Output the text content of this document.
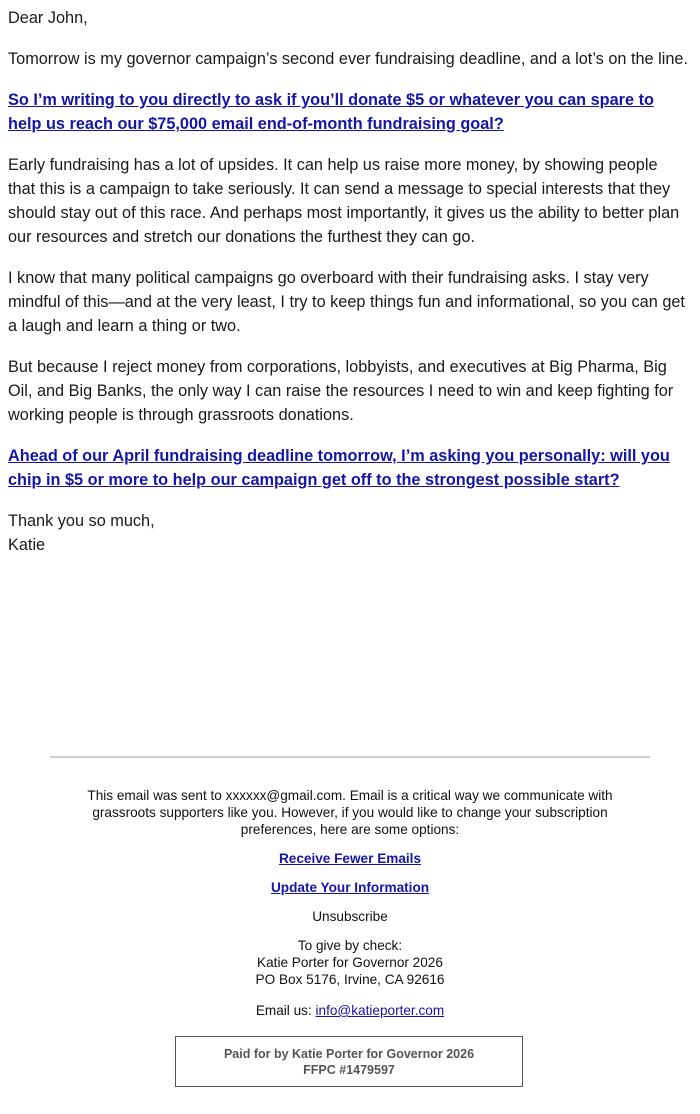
Dear John,

Tomorrow is my governor campaign’s second ever fundraising deadline, and a lot’s on the line.

So I’m writing to you directly to ask if you’ll donate $5 or whatever you can spare to help us reach our $75,000 email end-of-month fundraising goal?

Early fundraising has a lot of upsides. It can help us raise more money, by showing people that this is a campaign to take seriously. It can send a message to special interests that they should stay out of this race. And perhaps most importantly, it gives us the ability to better plan our resources and stretch our donations the furthest they can go.

I know that many political campaigns go overboard with their fundraising asks. I stay very mindful of this—and at the very least, I try to keep things fun and informational, so you can get a laugh and learn a thing or two.

But because I reject money from corporations, lobbyists, and executives at Big Pharma, Big Oil, and Big Banks, the only way I can raise the resources I need to win and keep fighting for working people is through grassroots donations.

Ahead of our April fundraising deadline tomorrow, I’m asking you personally: will you chip in $5 or more to help our campaign get off to the strongest possible start?

Thank you so much,
Katie

This email was sent to xxxxxx@gmail.com. Email is a critical way we communicate with grassroots supporters like you. However, if you would like to change your subscription preferences, here are some options:
Receive Fewer Emails
Update Your Information
Unsubscribe
To give by check:
Katie Porter for Governor 2026
PO Box 5176, Irvine, CA 92616
Email us: info@katieporter.com
Paid for by Katie Porter for Governor 2026
FFPC #1479597
